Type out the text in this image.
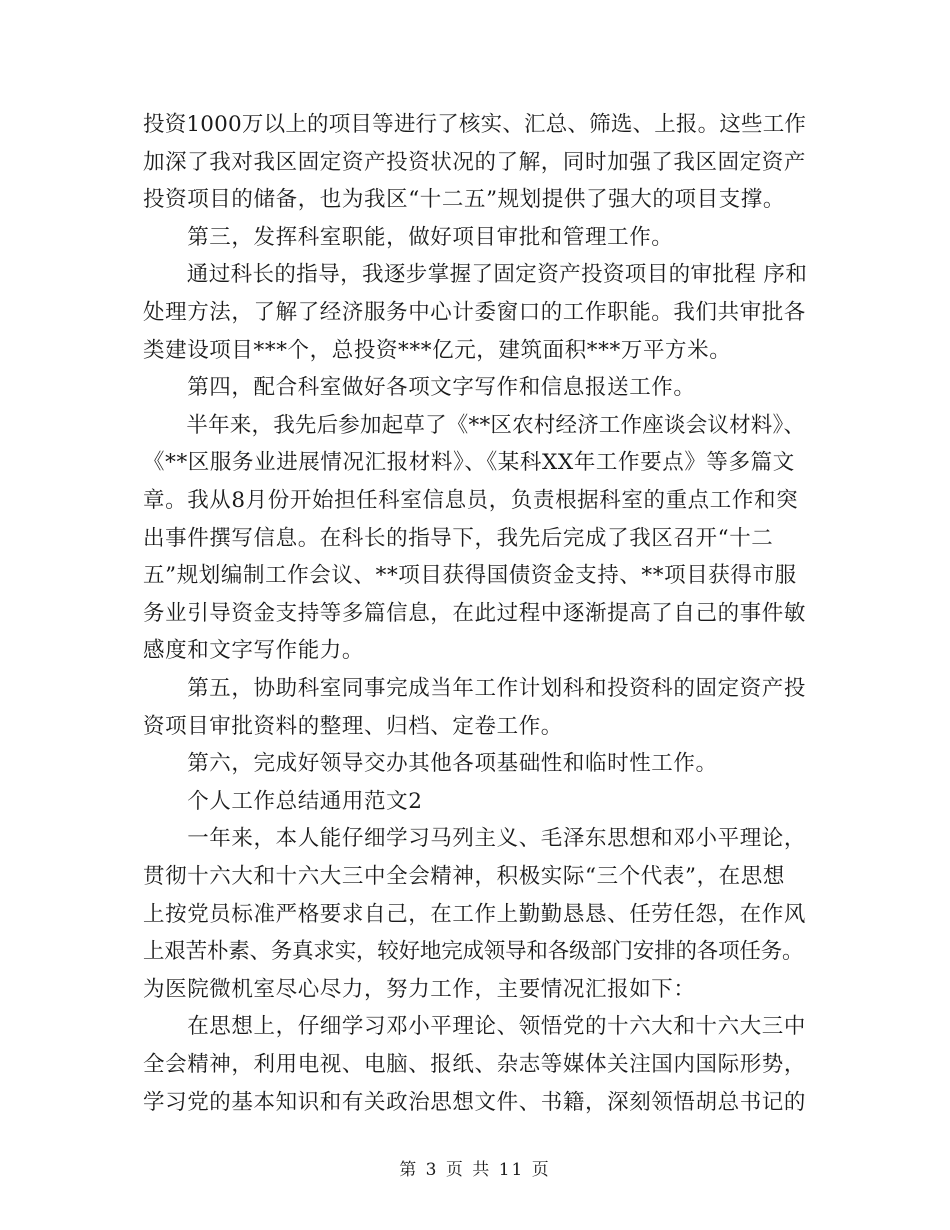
投资1000万以上的项目等进行了核实、汇总、筛选、上报。这些工作
加深了我对我区固定资产投资状况的了解，同时加强了我区固定资产
投资项目的储备，也为我区“十二五”规划提供了强大的项目支撑。
　　第三，发挥科室职能，做好项目审批和管理工作。
　　通过科长的指导，我逐步掌握了固定资产投资项目的审批程 序和
处理方法，了解了经济服务中心计委窗口的工作职能。我们共审批各
类建设项目***个，总投资***亿元，建筑面积***万平方米。
　　第四，配合科室做好各项文字写作和信息报送工作。
　　半年来，我先后参加起草了《**区农村经济工作座谈会议材料》、
《**区服务业进展情况汇报材料》、《某科XX年工作要点》等多篇文
章。我从8月份开始担任科室信息员，负责根据科室的重点工作和突
出事件撰写信息。在科长的指导下，我先后完成了我区召开“十二
五”规划编制工作会议、**项目获得国债资金支持、**项目获得市服
务业引导资金支持等多篇信息，在此过程中逐渐提高了自己的事件敏
感度和文字写作能力。
　　第五，协助科室同事完成当年工作计划科和投资科的固定资产投
资项目审批资料的整理、归档、定卷工作。
　　第六，完成好领导交办其他各项基础性和临时性工作。
　　个人工作总结通用范文2
　　一年来，本人能仔细学习马列主义、毛泽东思想和邓小平理论，
贯彻十六大和十六大三中全会精神，积极实际“三个代表”，在思想
上按党员标准严格要求自己，在工作上勤勤恳恳、任劳任怨，在作风
上艰苦朴素、务真求实，较好地完成领导和各级部门安排的各项任务。
为医院微机室尽心尽力，努力工作，主要情况汇报如下：
　　在思想上，仔细学习邓小平理论、领悟党的十六大和十六大三中
全会精神，利用电视、电脑、报纸、杂志等媒体关注国内国际形势，
学习党的基本知识和有关政治思想文件、书籍，深刻领悟胡总书记的
第 3 页 共 11 页
